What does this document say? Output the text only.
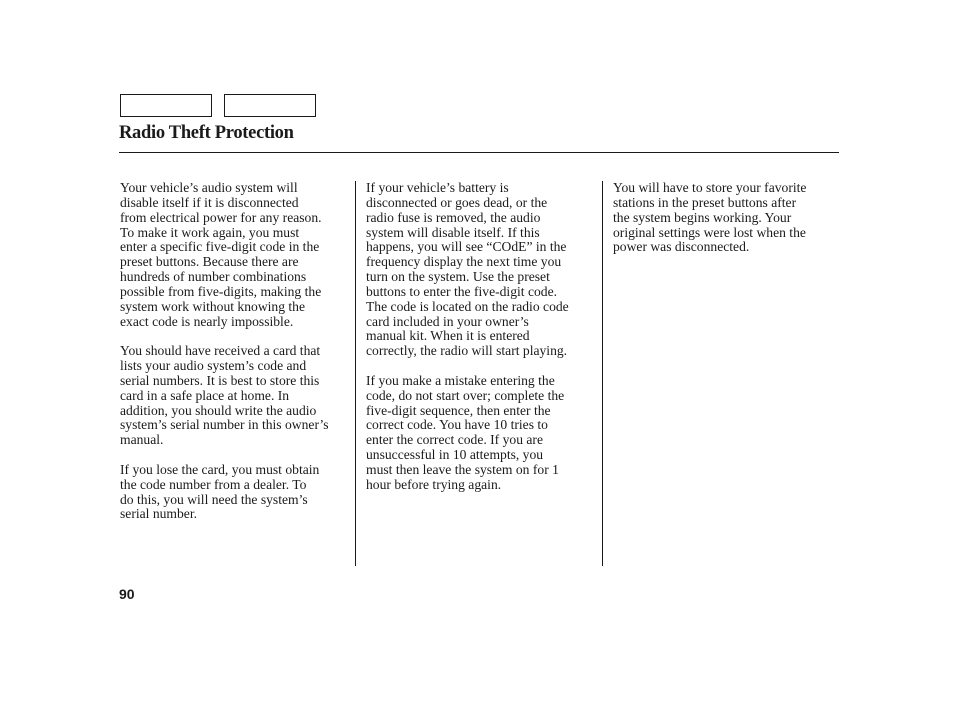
Radio Theft Protection

Your vehicle’s audio system will
disable itself if it is disconnected
from electrical power for any reason.
To make it work again, you must
enter a specific five-digit code in the
preset buttons. Because there are
hundreds of number combinations
possible from five-digits, making the
system work without knowing the
exact code is nearly impossible.

You should have received a card that
lists your audio system’s code and
serial numbers. It is best to store this
card in a safe place at home. In
addition, you should write the audio
system’s serial number in this owner’s
manual.

If you lose the card, you must obtain
the code number from a dealer. To
do this, you will need the system’s
serial number.

If your vehicle’s battery is
disconnected or goes dead, or the
radio fuse is removed, the audio
system will disable itself. If this
happens, you will see “COdE” in the
frequency display the next time you
turn on the system. Use the preset
buttons to enter the five-digit code.
The code is located on the radio code
card included in your owner’s
manual kit. When it is entered
correctly, the radio will start playing.

If you make a mistake entering the
code, do not start over; complete the
five-digit sequence, then enter the
correct code. You have 10 tries to
enter the correct code. If you are
unsuccessful in 10 attempts, you
must then leave the system on for 1
hour before trying again.

You will have to store your favorite
stations in the preset buttons after
the system begins working. Your
original settings were lost when the
power was disconnected.

90
